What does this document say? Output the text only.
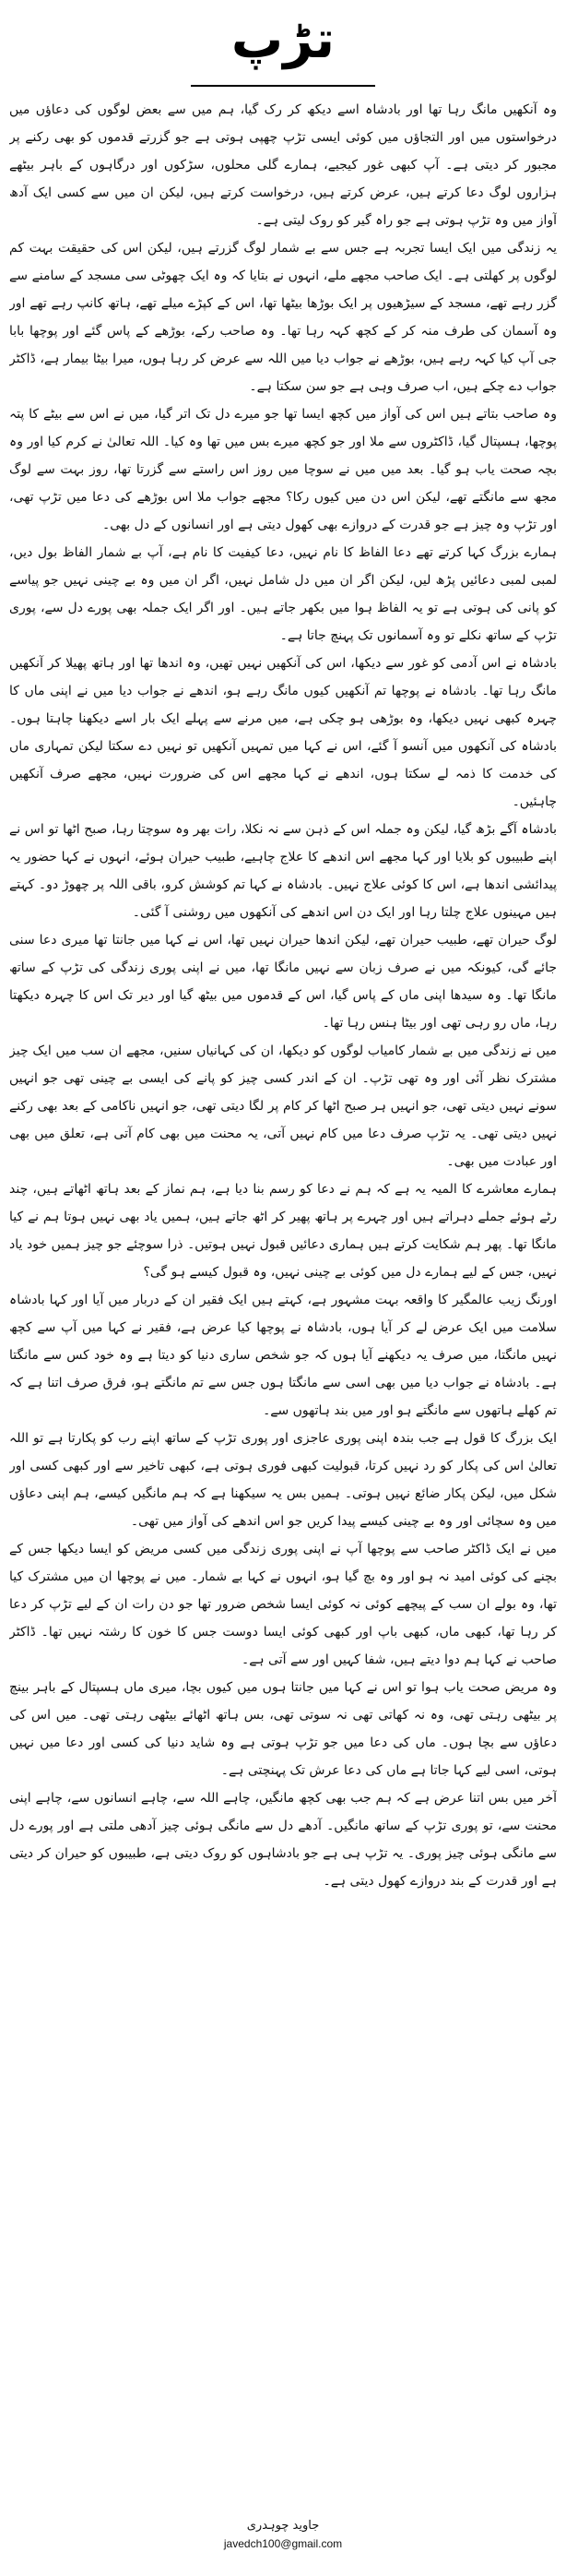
تڑپ

وہ آنکھیں مانگ رہا تھا اور بادشاہ اسے دیکھ کر رک گیا، ہم میں سے بعض لوگوں کی دعاؤں میں درخواستوں میں اور التجاؤں میں کوئی ایسی تڑپ چھپی ہوتی ہے جو گزرتے قدموں کو بھی رکنے پر مجبور کر دیتی ہے۔ آپ کبھی غور کیجیے، ہمارے گلی محلوں، سڑکوں اور درگاہوں کے باہر بیٹھے ہزاروں لوگ دعا کرتے ہیں، عرض کرتے ہیں، درخواست کرتے ہیں، لیکن ان میں سے کسی ایک آدھ آواز میں وہ تڑپ ہوتی ہے جو راہ گیر کو روک لیتی ہے۔

یہ زندگی میں ایک ایسا تجربہ ہے جس سے بے شمار لوگ گزرتے ہیں، لیکن اس کی حقیقت بہت کم لوگوں پر کھلتی ہے۔ ایک صاحب مجھے ملے، انہوں نے بتایا کہ وہ ایک چھوٹی سی مسجد کے سامنے سے گزر رہے تھے، مسجد کے سیڑھیوں پر ایک بوڑھا بیٹھا تھا، اس کے کپڑے میلے تھے، ہاتھ کانپ رہے تھے اور وہ آسمان کی طرف منہ کر کے کچھ کہہ رہا تھا۔ وہ صاحب رکے، بوڑھے کے پاس گئے اور پوچھا بابا جی آپ کیا کہہ رہے ہیں، بوڑھے نے جواب دیا میں اللہ سے عرض کر رہا ہوں، میرا بیٹا بیمار ہے، ڈاکٹر جواب دے چکے ہیں، اب صرف وہی ہے جو سن سکتا ہے۔

وہ صاحب بتاتے ہیں اس کی آواز میں کچھ ایسا تھا جو میرے دل تک اتر گیا، میں نے اس سے بیٹے کا پتہ پوچھا، ہسپتال گیا، ڈاکٹروں سے ملا اور جو کچھ میرے بس میں تھا وہ کیا۔ اللہ تعالیٰ نے کرم کیا اور وہ بچہ صحت یاب ہو گیا۔ بعد میں میں نے سوچا میں روز اس راستے سے گزرتا تھا، روز بہت سے لوگ مجھ سے مانگتے تھے، لیکن اس دن میں کیوں رکا؟ مجھے جواب ملا اس بوڑھے کی دعا میں تڑپ تھی، اور تڑپ وہ چیز ہے جو قدرت کے دروازے بھی کھول دیتی ہے اور انسانوں کے دل بھی۔

ہمارے بزرگ کہا کرتے تھے دعا الفاظ کا نام نہیں، دعا کیفیت کا نام ہے، آپ بے شمار الفاظ بول دیں، لمبی لمبی دعائیں پڑھ لیں، لیکن اگر ان میں دل شامل نہیں، اگر ان میں وہ بے چینی نہیں جو پیاسے کو پانی کی ہوتی ہے تو یہ الفاظ ہوا میں بکھر جاتے ہیں۔ اور اگر ایک جملہ بھی پورے دل سے، پوری تڑپ کے ساتھ نکلے تو وہ آسمانوں تک پہنچ جاتا ہے۔

بادشاہ نے اس آدمی کو غور سے دیکھا، اس کی آنکھیں نہیں تھیں، وہ اندھا تھا اور ہاتھ پھیلا کر آنکھیں مانگ رہا تھا۔ بادشاہ نے پوچھا تم آنکھیں کیوں مانگ رہے ہو، اندھے نے جواب دیا میں نے اپنی ماں کا چہرہ کبھی نہیں دیکھا، وہ بوڑھی ہو چکی ہے، میں مرنے سے پہلے ایک بار اسے دیکھنا چاہتا ہوں۔ بادشاہ کی آنکھوں میں آنسو آ گئے، اس نے کہا میں تمہیں آنکھیں تو نہیں دے سکتا لیکن تمہاری ماں کی خدمت کا ذمہ لے سکتا ہوں، اندھے نے کہا مجھے اس کی ضرورت نہیں، مجھے صرف آنکھیں چاہئیں۔

بادشاہ آگے بڑھ گیا، لیکن وہ جملہ اس کے ذہن سے نہ نکلا، رات بھر وہ سوچتا رہا، صبح اٹھا تو اس نے اپنے طبیبوں کو بلایا اور کہا مجھے اس اندھے کا علاج چاہیے، طبیب حیران ہوئے، انہوں نے کہا حضور یہ پیدائشی اندھا ہے، اس کا کوئی علاج نہیں۔ بادشاہ نے کہا تم کوشش کرو، باقی اللہ پر چھوڑ دو۔ کہتے ہیں مہینوں علاج چلتا رہا اور ایک دن اس اندھے کی آنکھوں میں روشنی آ گئی۔

لوگ حیران تھے، طبیب حیران تھے، لیکن اندھا حیران نہیں تھا، اس نے کہا میں جانتا تھا میری دعا سنی جائے گی، کیونکہ میں نے صرف زبان سے نہیں مانگا تھا، میں نے اپنی پوری زندگی کی تڑپ کے ساتھ مانگا تھا۔ وہ سیدھا اپنی ماں کے پاس گیا، اس کے قدموں میں بیٹھ گیا اور دیر تک اس کا چہرہ دیکھتا رہا، ماں رو رہی تھی اور بیٹا ہنس رہا تھا۔

میں نے زندگی میں بے شمار کامیاب لوگوں کو دیکھا، ان کی کہانیاں سنیں، مجھے ان سب میں ایک چیز مشترک نظر آئی اور وہ تھی تڑپ۔ ان کے اندر کسی چیز کو پانے کی ایسی بے چینی تھی جو انہیں سونے نہیں دیتی تھی، جو انہیں ہر صبح اٹھا کر کام پر لگا دیتی تھی، جو انہیں ناکامی کے بعد بھی رکنے نہیں دیتی تھی۔ یہ تڑپ صرف دعا میں کام نہیں آتی، یہ محنت میں بھی کام آتی ہے، تعلق میں بھی اور عبادت میں بھی۔

ہمارے معاشرے کا المیہ یہ ہے کہ ہم نے دعا کو رسم بنا دیا ہے، ہم نماز کے بعد ہاتھ اٹھاتے ہیں، چند رٹے ہوئے جملے دہراتے ہیں اور چہرے پر ہاتھ پھیر کر اٹھ جاتے ہیں، ہمیں یاد بھی نہیں ہوتا ہم نے کیا مانگا تھا۔ پھر ہم شکایت کرتے ہیں ہماری دعائیں قبول نہیں ہوتیں۔ ذرا سوچئے جو چیز ہمیں خود یاد نہیں، جس کے لیے ہمارے دل میں کوئی بے چینی نہیں، وہ قبول کیسے ہو گی؟

اورنگ زیب عالمگیر کا واقعہ بہت مشہور ہے، کہتے ہیں ایک فقیر ان کے دربار میں آیا اور کہا بادشاہ سلامت میں ایک عرض لے کر آیا ہوں، بادشاہ نے پوچھا کیا عرض ہے، فقیر نے کہا میں آپ سے کچھ نہیں مانگتا، میں صرف یہ دیکھنے آیا ہوں کہ جو شخص ساری دنیا کو دیتا ہے وہ خود کس سے مانگتا ہے۔ بادشاہ نے جواب دیا میں بھی اسی سے مانگتا ہوں جس سے تم مانگتے ہو، فرق صرف اتنا ہے کہ تم کھلے ہاتھوں سے مانگتے ہو اور میں بند ہاتھوں سے۔

ایک بزرگ کا قول ہے جب بندہ اپنی پوری عاجزی اور پوری تڑپ کے ساتھ اپنے رب کو پکارتا ہے تو اللہ تعالیٰ اس کی پکار کو رد نہیں کرتا، قبولیت کبھی فوری ہوتی ہے، کبھی تاخیر سے اور کبھی کسی اور شکل میں، لیکن پکار ضائع نہیں ہوتی۔ ہمیں بس یہ سیکھنا ہے کہ ہم مانگیں کیسے، ہم اپنی دعاؤں میں وہ سچائی اور وہ بے چینی کیسے پیدا کریں جو اس اندھے کی آواز میں تھی۔

میں نے ایک ڈاکٹر صاحب سے پوچھا آپ نے اپنی پوری زندگی میں کسی مریض کو ایسا دیکھا جس کے بچنے کی کوئی امید نہ ہو اور وہ بچ گیا ہو، انہوں نے کہا بے شمار۔ میں نے پوچھا ان میں مشترک کیا تھا، وہ بولے ان سب کے پیچھے کوئی نہ کوئی ایسا شخص ضرور تھا جو دن رات ان کے لیے تڑپ کر دعا کر رہا تھا، کبھی ماں، کبھی باپ اور کبھی کوئی ایسا دوست جس کا خون کا رشتہ نہیں تھا۔ ڈاکٹر صاحب نے کہا ہم دوا دیتے ہیں، شفا کہیں اور سے آتی ہے۔

وہ مریض صحت یاب ہوا تو اس نے کہا میں جانتا ہوں میں کیوں بچا، میری ماں ہسپتال کے باہر بینچ پر بیٹھی رہتی تھی، وہ نہ کھاتی تھی نہ سوتی تھی، بس ہاتھ اٹھائے بیٹھی رہتی تھی۔ میں اس کی دعاؤں سے بچا ہوں۔ ماں کی دعا میں جو تڑپ ہوتی ہے وہ شاید دنیا کی کسی اور دعا میں نہیں ہوتی، اسی لیے کہا جاتا ہے ماں کی دعا عرش تک پہنچتی ہے۔

آخر میں بس اتنا عرض ہے کہ ہم جب بھی کچھ مانگیں، چاہے اللہ سے، چاہے انسانوں سے، چاہے اپنی محنت سے، تو پوری تڑپ کے ساتھ مانگیں۔ آدھے دل سے مانگی ہوئی چیز آدھی ملتی ہے اور پورے دل سے مانگی ہوئی چیز پوری۔ یہ تڑپ ہی ہے جو بادشاہوں کو روک دیتی ہے، طبیبوں کو حیران کر دیتی ہے اور قدرت کے بند دروازے کھول دیتی ہے۔

جاوید چوہدری
javedch100@gmail.com
